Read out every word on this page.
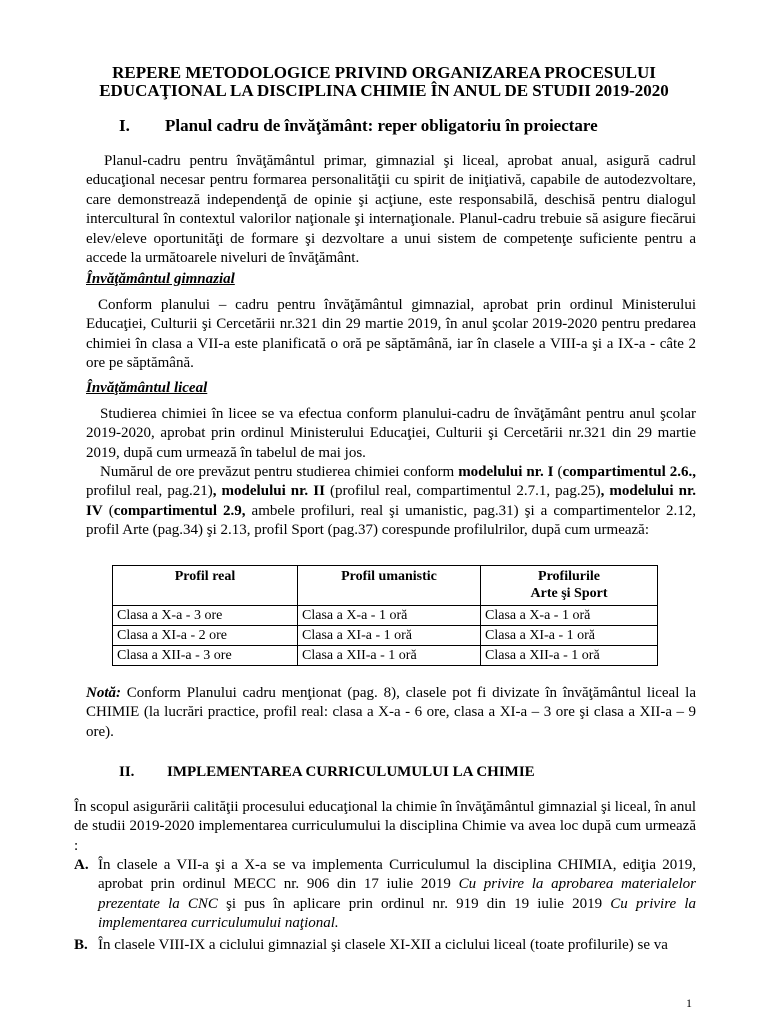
REPERE METODOLOGICE PRIVIND ORGANIZAREA PROCESULUI
EDUCAŢIONAL LA DISCIPLINA CHIMIE ÎN ANUL DE STUDII 2019-2020
I. Planul cadru de învăţământ: reper obligatoriu în proiectare
Planul-cadru pentru învăţământul primar, gimnazial şi liceal, aprobat anual, asigură cadrul educaţional necesar pentru formarea personalităţii cu spirit de iniţiativă, capabile de autodezvoltare, care demonstrează independenţă de opinie şi acţiune, este responsabilă, deschisă pentru dialogul intercultural în contextul valorilor naţionale şi internaţionale. Planul-cadru trebuie să asigure fiecărui elev/eleve oportunităţi de formare şi dezvoltare a unui sistem de competenţe suficiente pentru a accede la următoarele niveluri de învăţământ.
Învăţământul gimnazial
Conform planului – cadru pentru învăţământul gimnazial, aprobat prin ordinul Ministerului Educaţiei, Culturii şi Cercetării nr.321 din 29 martie 2019, în anul şcolar 2019-2020 pentru predarea chimiei în clasa a VII-a este planificată o oră pe săptămână, iar în clasele a VIII-a şi a IX-a - câte 2 ore pe săptămână.
Învăţământul liceal
Studierea chimiei în licee se va efectua conform planului-cadru de învăţământ pentru anul şcolar 2019-2020, aprobat prin ordinul Ministerului Educaţiei, Culturii şi Cercetării nr.321 din 29 martie 2019, după cum urmează în tabelul de mai jos.
Numărul de ore prevăzut pentru studierea chimiei conform modelului nr. I (compartimentul 2.6., profilul real, pag.21), modelului nr. II (profilul real, compartimentul 2.7.1, pag.25), modelului nr. IV (compartimentul 2.9, ambele profiluri, real şi umanistic, pag.31) şi a compartimentelor 2.12, profil Arte (pag.34) şi 2.13, profil Sport (pag.37) corespunde profilulrilor, după cum urmează:
Profil real	Profil umanistic	Profilurile
Arte şi Sport
Clasa a X-a - 3 ore	Clasa a X-a - 1 oră	Clasa a X-a - 1 oră
Clasa a XI-a - 2 ore	Clasa a XI-a - 1 oră	Clasa a XI-a - 1 oră
Clasa a XII-a - 3 ore	Clasa a XII-a - 1 oră	Clasa a XII-a - 1 oră
Notă: Conform Planului cadru menţionat (pag. 8), clasele pot fi divizate în învăţământul liceal la CHIMIE (la lucrări practice, profil real: clasa a X-a - 6 ore, clasa a XI-a – 3 ore şi clasa a XII-a – 9 ore).
II. IMPLEMENTAREA CURRICULUMULUI LA CHIMIE
În scopul asigurării calităţii procesului educaţional la chimie în învăţământul gimnazial şi liceal, în anul de studii 2019-2020 implementarea curriculumului la disciplina Chimie va avea loc după cum urmează :
A. În clasele a VII-a şi a X-a se va implementa Curriculumul la disciplina CHIMIA, ediţia 2019, aprobat prin ordinul MECC nr. 906 din 17 iulie 2019 Cu privire la aprobarea materialelor prezentate la CNC şi pus în aplicare prin ordinul nr. 919 din 19 iulie 2019 Cu privire la implementarea curriculumului naţional.
B. În clasele VIII-IX a ciclului gimnazial şi clasele XI-XII a ciclului liceal (toate profilurile) se va
1
